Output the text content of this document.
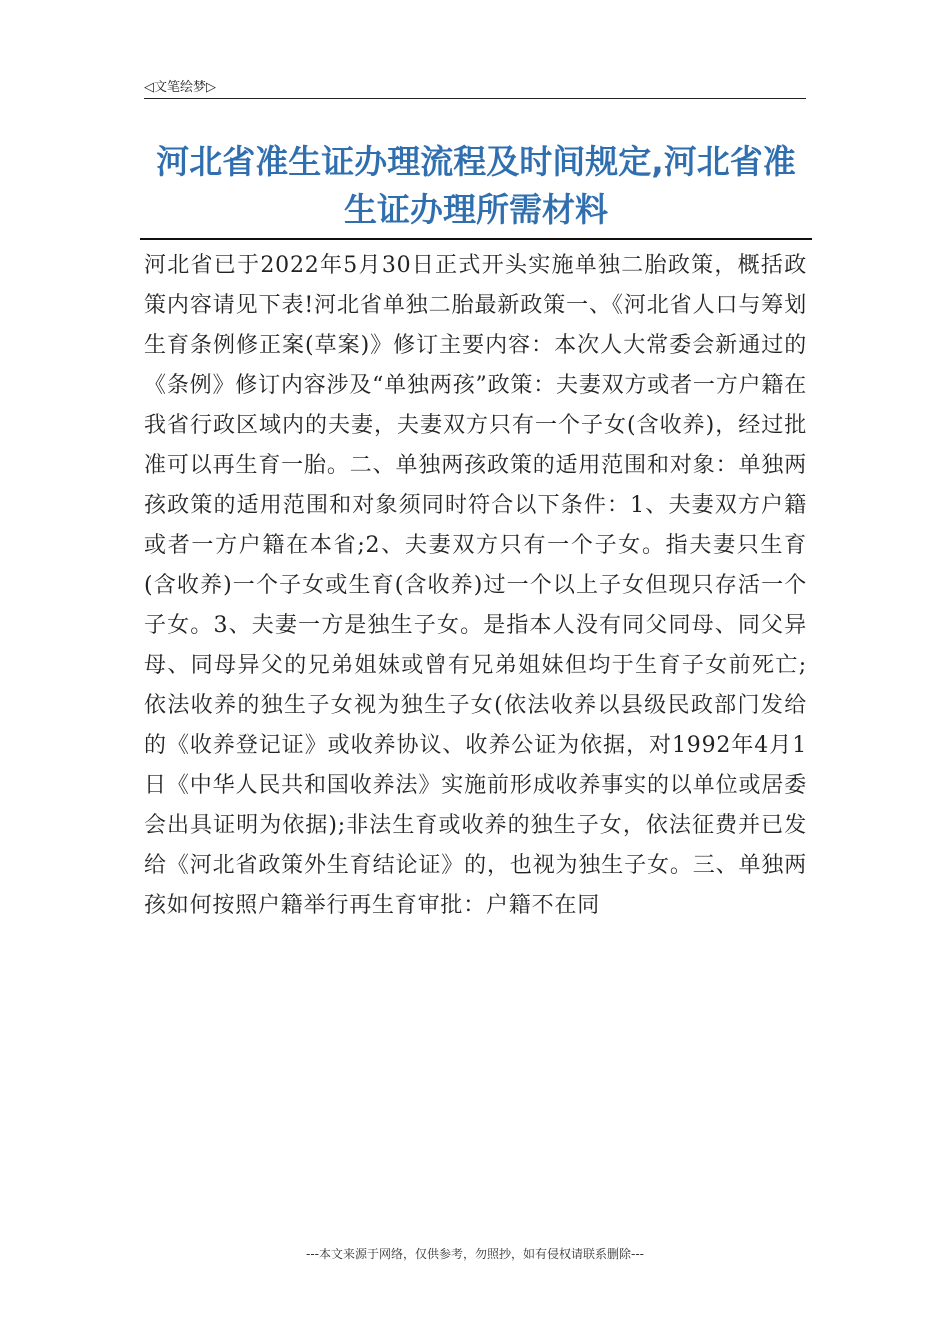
◁文笔绘梦▷
河北省准生证办理流程及时间规定,河北省准生证办理所需材料

河北省已于2022年5月30日正式开头实施单独二胎政策，概括政策内容请见下表!河北省单独二胎最新政策一、《河北省人口与筹划生育条例修正案(草案)》修订主要内容：本次人大常委会新通过的《条例》修订内容涉及“单独两孩”政策：夫妻双方或者一方户籍在我省行政区域内的夫妻，夫妻双方只有一个子女(含收养)，经过批准可以再生育一胎。二、单独两孩政策的适用范围和对象：单独两孩政策的适用范围和对象须同时符合以下条件：1、夫妻双方户籍或者一方户籍在本省;2、夫妻双方只有一个子女。指夫妻只生育(含收养)一个子女或生育(含收养)过一个以上子女但现只存活一个子女。3、夫妻一方是独生子女。是指本人没有同父同母、同父异母、同母异父的兄弟姐妹或曾有兄弟姐妹但均于生育子女前死亡;依法收养的独生子女视为独生子女(依法收养以县级民政部门发给的《收养登记证》或收养协议、收养公证为依据，对1992年4月1日《中华人民共和国收养法》实施前形成收养事实的以单位或居委会出具证明为依据);非法生育或收养的独生子女，依法征费并已发给《河北省政策外生育结论证》的，也视为独生子女。三、单独两孩如何按照户籍举行再生育审批：户籍不在同

---本文来源于网络，仅供参考，勿照抄，如有侵权请联系删除---
